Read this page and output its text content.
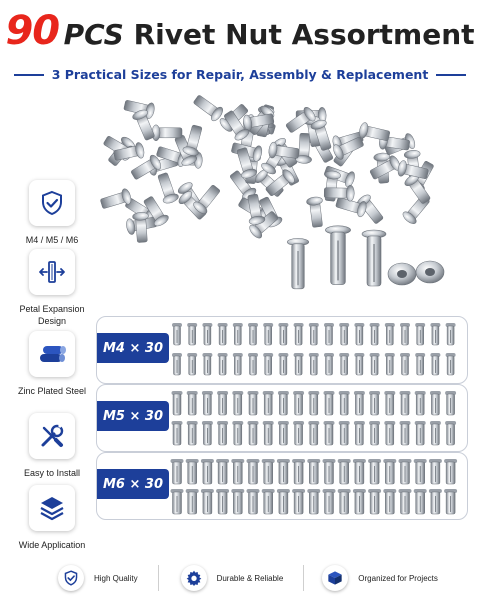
90 PCS Rivet Nut Assortment
3 Practical Sizes for Repair, Assembly & Replacement
M4 / M5 / M6
Petal Expansion Design
Zinc Plated Steel
Easy to Install
Wide Application
M4 × 30
M5 × 30
M6 × 30
High Quality	Durable & Reliable	Organized for Projects
